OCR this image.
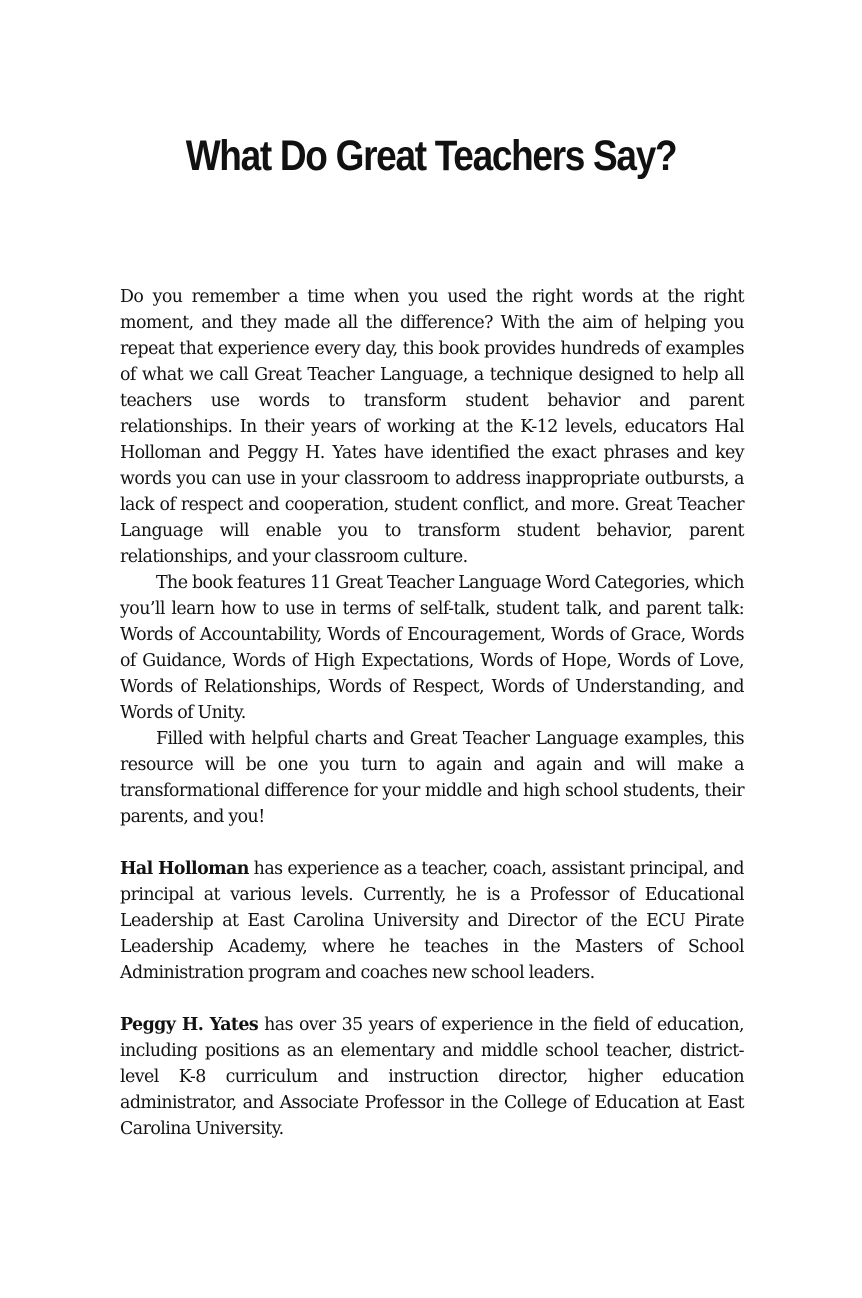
What Do Great Teachers Say?

Do you remember a time when you used the right words at the right moment, and they made all the difference? With the aim of helping you repeat that experience every day, this book provides hundreds of examples of what we call Great Teacher Language, a technique designed to help all teachers use words to transform student behavior and parent relationships. In their years of working at the K-12 levels, educators Hal Holloman and Peggy H. Yates have identified the exact phrases and key words you can use in your classroom to address inappropriate outbursts, a lack of respect and cooperation, student conflict, and more. Great Teacher Language will enable you to transform student behavior, parent relationships, and your classroom culture.

The book features 11 Great Teacher Language Word Categories, which you’ll learn how to use in terms of self-talk, student talk, and parent talk: Words of Accountability, Words of Encouragement, Words of Grace, Words of Guidance, Words of High Expectations, Words of Hope, Words of Love, Words of Relationships, Words of Respect, Words of Understanding, and Words of Unity.

Filled with helpful charts and Great Teacher Language examples, this resource will be one you turn to again and again and will make a transformational difference for your middle and high school students, their parents, and you!

Hal Holloman has experience as a teacher, coach, assistant principal, and principal at various levels. Currently, he is a Professor of Educational Leadership at East Carolina University and Director of the ECU Pirate Leadership Academy, where he teaches in the Masters of School Administration program and coaches new school leaders.

Peggy H. Yates has over 35 years of experience in the field of education, including positions as an elementary and middle school teacher, district-level K-8 curriculum and instruction director, higher education administrator, and Associate Professor in the College of Education at East Carolina University.
